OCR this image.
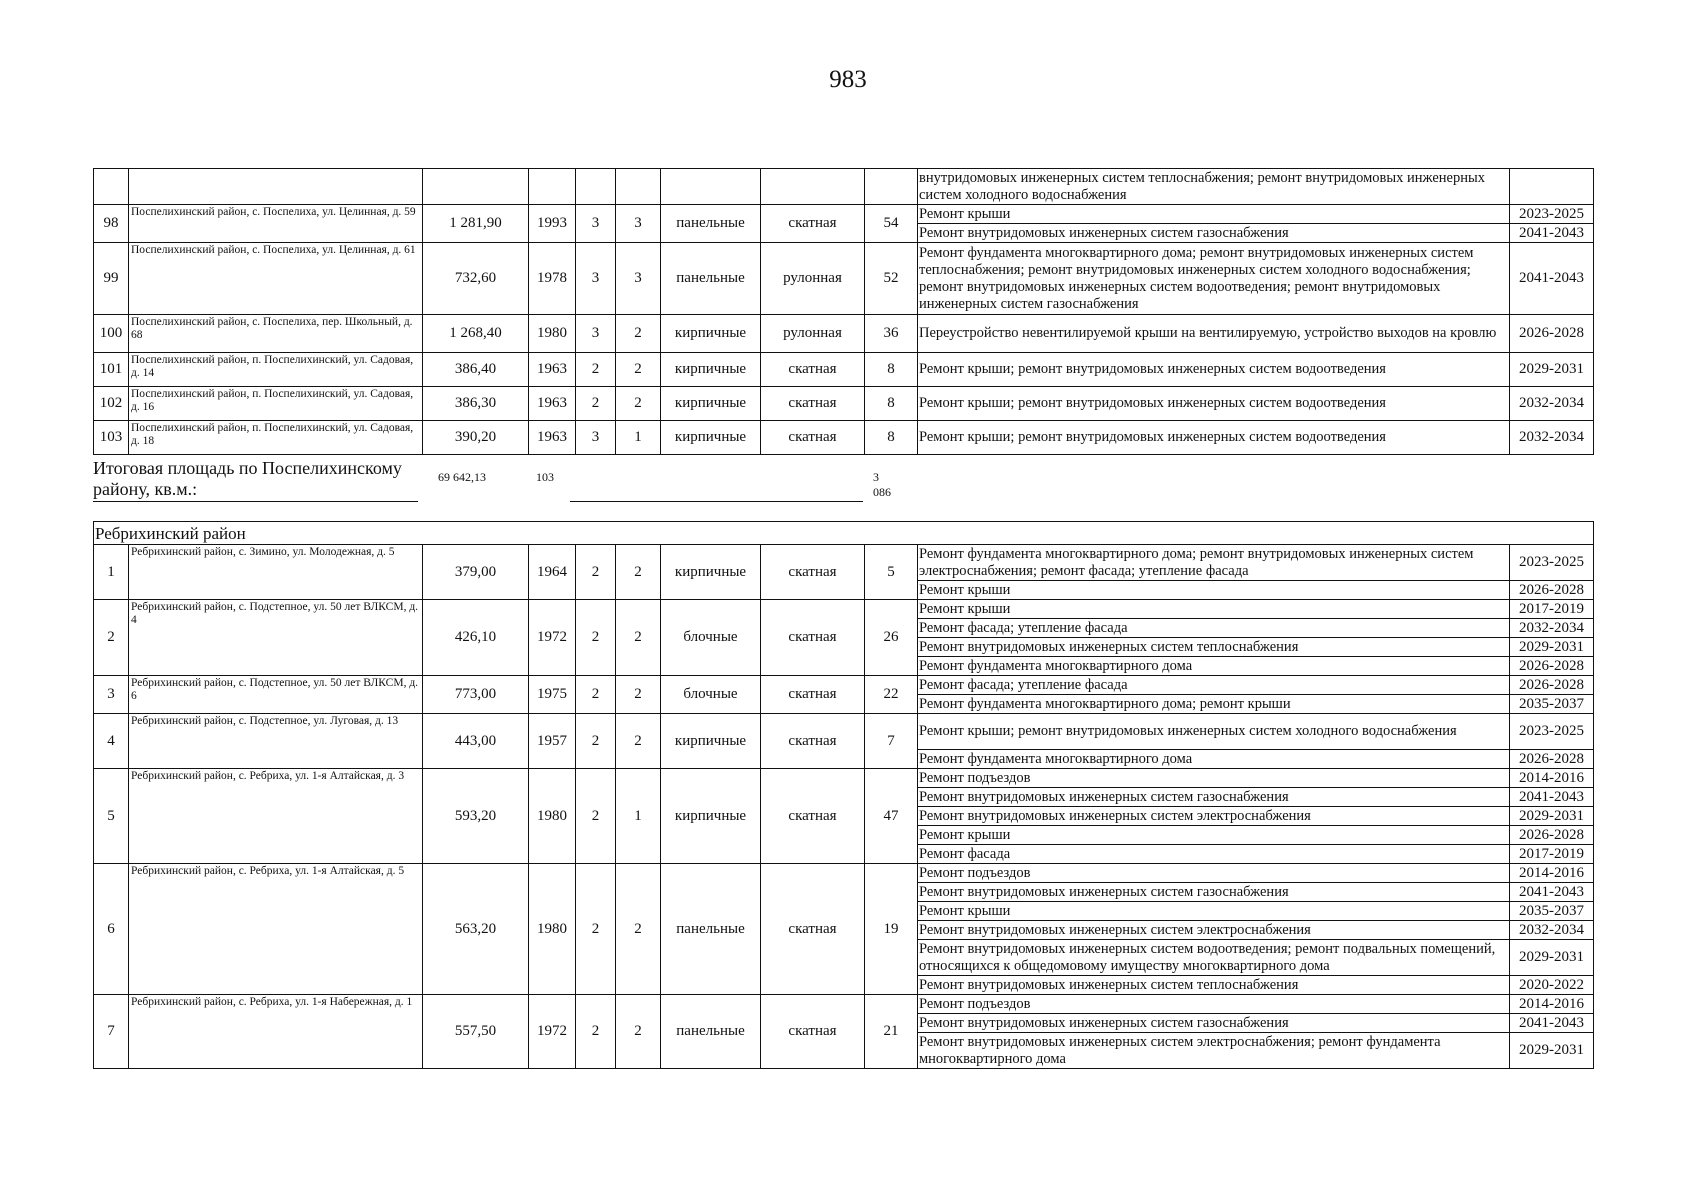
983
									внутридомовых инженерных систем теплоснабжения; ремонт внутридомовых инженерных систем холодного водоснабжения	
98	Поспелихинский район, с. Поспелиха, ул. Целинная, д. 59	1 281,90	1993	3	3	панельные	скатная	54	Ремонт крыши	2023-2025
									Ремонт внутридомовых инженерных систем газоснабжения	2041-2043
99	Поспелихинский район, с. Поспелиха, ул. Целинная, д. 61	732,60	1978	3	3	панельные	рулонная	52	Ремонт фундамента многоквартирного дома; ремонт внутридомовых инженерных систем теплоснабжения; ремонт внутридомовых инженерных систем холодного водоснабжения; ремонт внутридомовых инженерных систем водоотведения; ремонт внутридомовых инженерных систем газоснабжения	2041-2043
100	Поспелихинский район, с. Поспелиха, пер. Школьный, д. 68	1 268,40	1980	3	2	кирпичные	рулонная	36	Переустройство невентилируемой крыши на вентилируемую, устройство выходов на кровлю	2026-2028
101	Поспелихинский район, п. Поспелихинский, ул. Садовая, д. 14	386,40	1963	2	2	кирпичные	скатная	8	Ремонт крыши; ремонт внутридомовых инженерных систем водоотведения	2029-2031
102	Поспелихинский район, п. Поспелихинский, ул. Садовая, д. 16	386,30	1963	2	2	кирпичные	скатная	8	Ремонт крыши; ремонт внутридомовых инженерных систем водоотведения	2032-2034
103	Поспелихинский район, п. Поспелихинский, ул. Садовая, д. 18	390,20	1963	3	1	кирпичные	скатная	8	Ремонт крыши; ремонт внутридомовых инженерных систем водоотведения	2032-2034
Итоговая площадь по Поспелихинскому району, кв.м.:
69 642,13	103	3 086
Ребрихинский район										
1	Ребрихинский район, с. Зимино, ул. Молодежная, д. 5	379,00	1964	2	2	кирпичные	скатная	5	Ремонт фундамента многоквартирного дома; ремонт внутридомовых инженерных систем электроснабжения; ремонт фасада; утепление фасада	2023-2025
									Ремонт крыши	2026-2028
2	Ребрихинский район, с. Подстепное, ул. 50 лет ВЛКСМ, д. 4	426,10	1972	2	2	блочные	скатная	26	Ремонт крыши	2017-2019
									Ремонт фасада; утепление фасада	2032-2034
									Ремонт внутридомовых инженерных систем теплоснабжения	2029-2031
									Ремонт фундамента многоквартирного дома	2026-2028
3	Ребрихинский район, с. Подстепное, ул. 50 лет ВЛКСМ, д. 6	773,00	1975	2	2	блочные	скатная	22	Ремонт фасада; утепление фасада	2026-2028
									Ремонт фундамента многоквартирного дома; ремонт крыши	2035-2037
4	Ребрихинский район, с. Подстепное, ул. Луговая, д. 13	443,00	1957	2	2	кирпичные	скатная	7	Ремонт крыши; ремонт внутридомовых инженерных систем холодного водоснабжения	2023-2025
									Ремонт фундамента многоквартирного дома	2026-2028
5	Ребрихинский район, с. Ребриха, ул. 1-я Алтайская, д. 3	593,20	1980	2	1	кирпичные	скатная	47	Ремонт подъездов	2014-2016
									Ремонт внутридомовых инженерных систем газоснабжения	2041-2043
									Ремонт внутридомовых инженерных систем электроснабжения	2029-2031
									Ремонт крыши	2026-2028
									Ремонт фасада	2017-2019
6	Ребрихинский район, с. Ребриха, ул. 1-я Алтайская, д. 5	563,20	1980	2	2	панельные	скатная	19	Ремонт подъездов	2014-2016
									Ремонт внутридомовых инженерных систем газоснабжения	2041-2043
									Ремонт крыши	2035-2037
									Ремонт внутридомовых инженерных систем электроснабжения	2032-2034
									Ремонт внутридомовых инженерных систем водоотведения; ремонт подвальных помещений, относящихся к общедомовому имуществу многоквартирного дома	2029-2031
									Ремонт внутридомовых инженерных систем теплоснабжения	2020-2022
7	Ребрихинский район, с. Ребриха, ул. 1-я Набережная, д. 1	557,50	1972	2	2	панельные	скатная	21	Ремонт подъездов	2014-2016
									Ремонт внутридомовых инженерных систем газоснабжения	2041-2043
									Ремонт внутридомовых инженерных систем электроснабжения; ремонт фундамента многоквартирного дома	2029-2031
